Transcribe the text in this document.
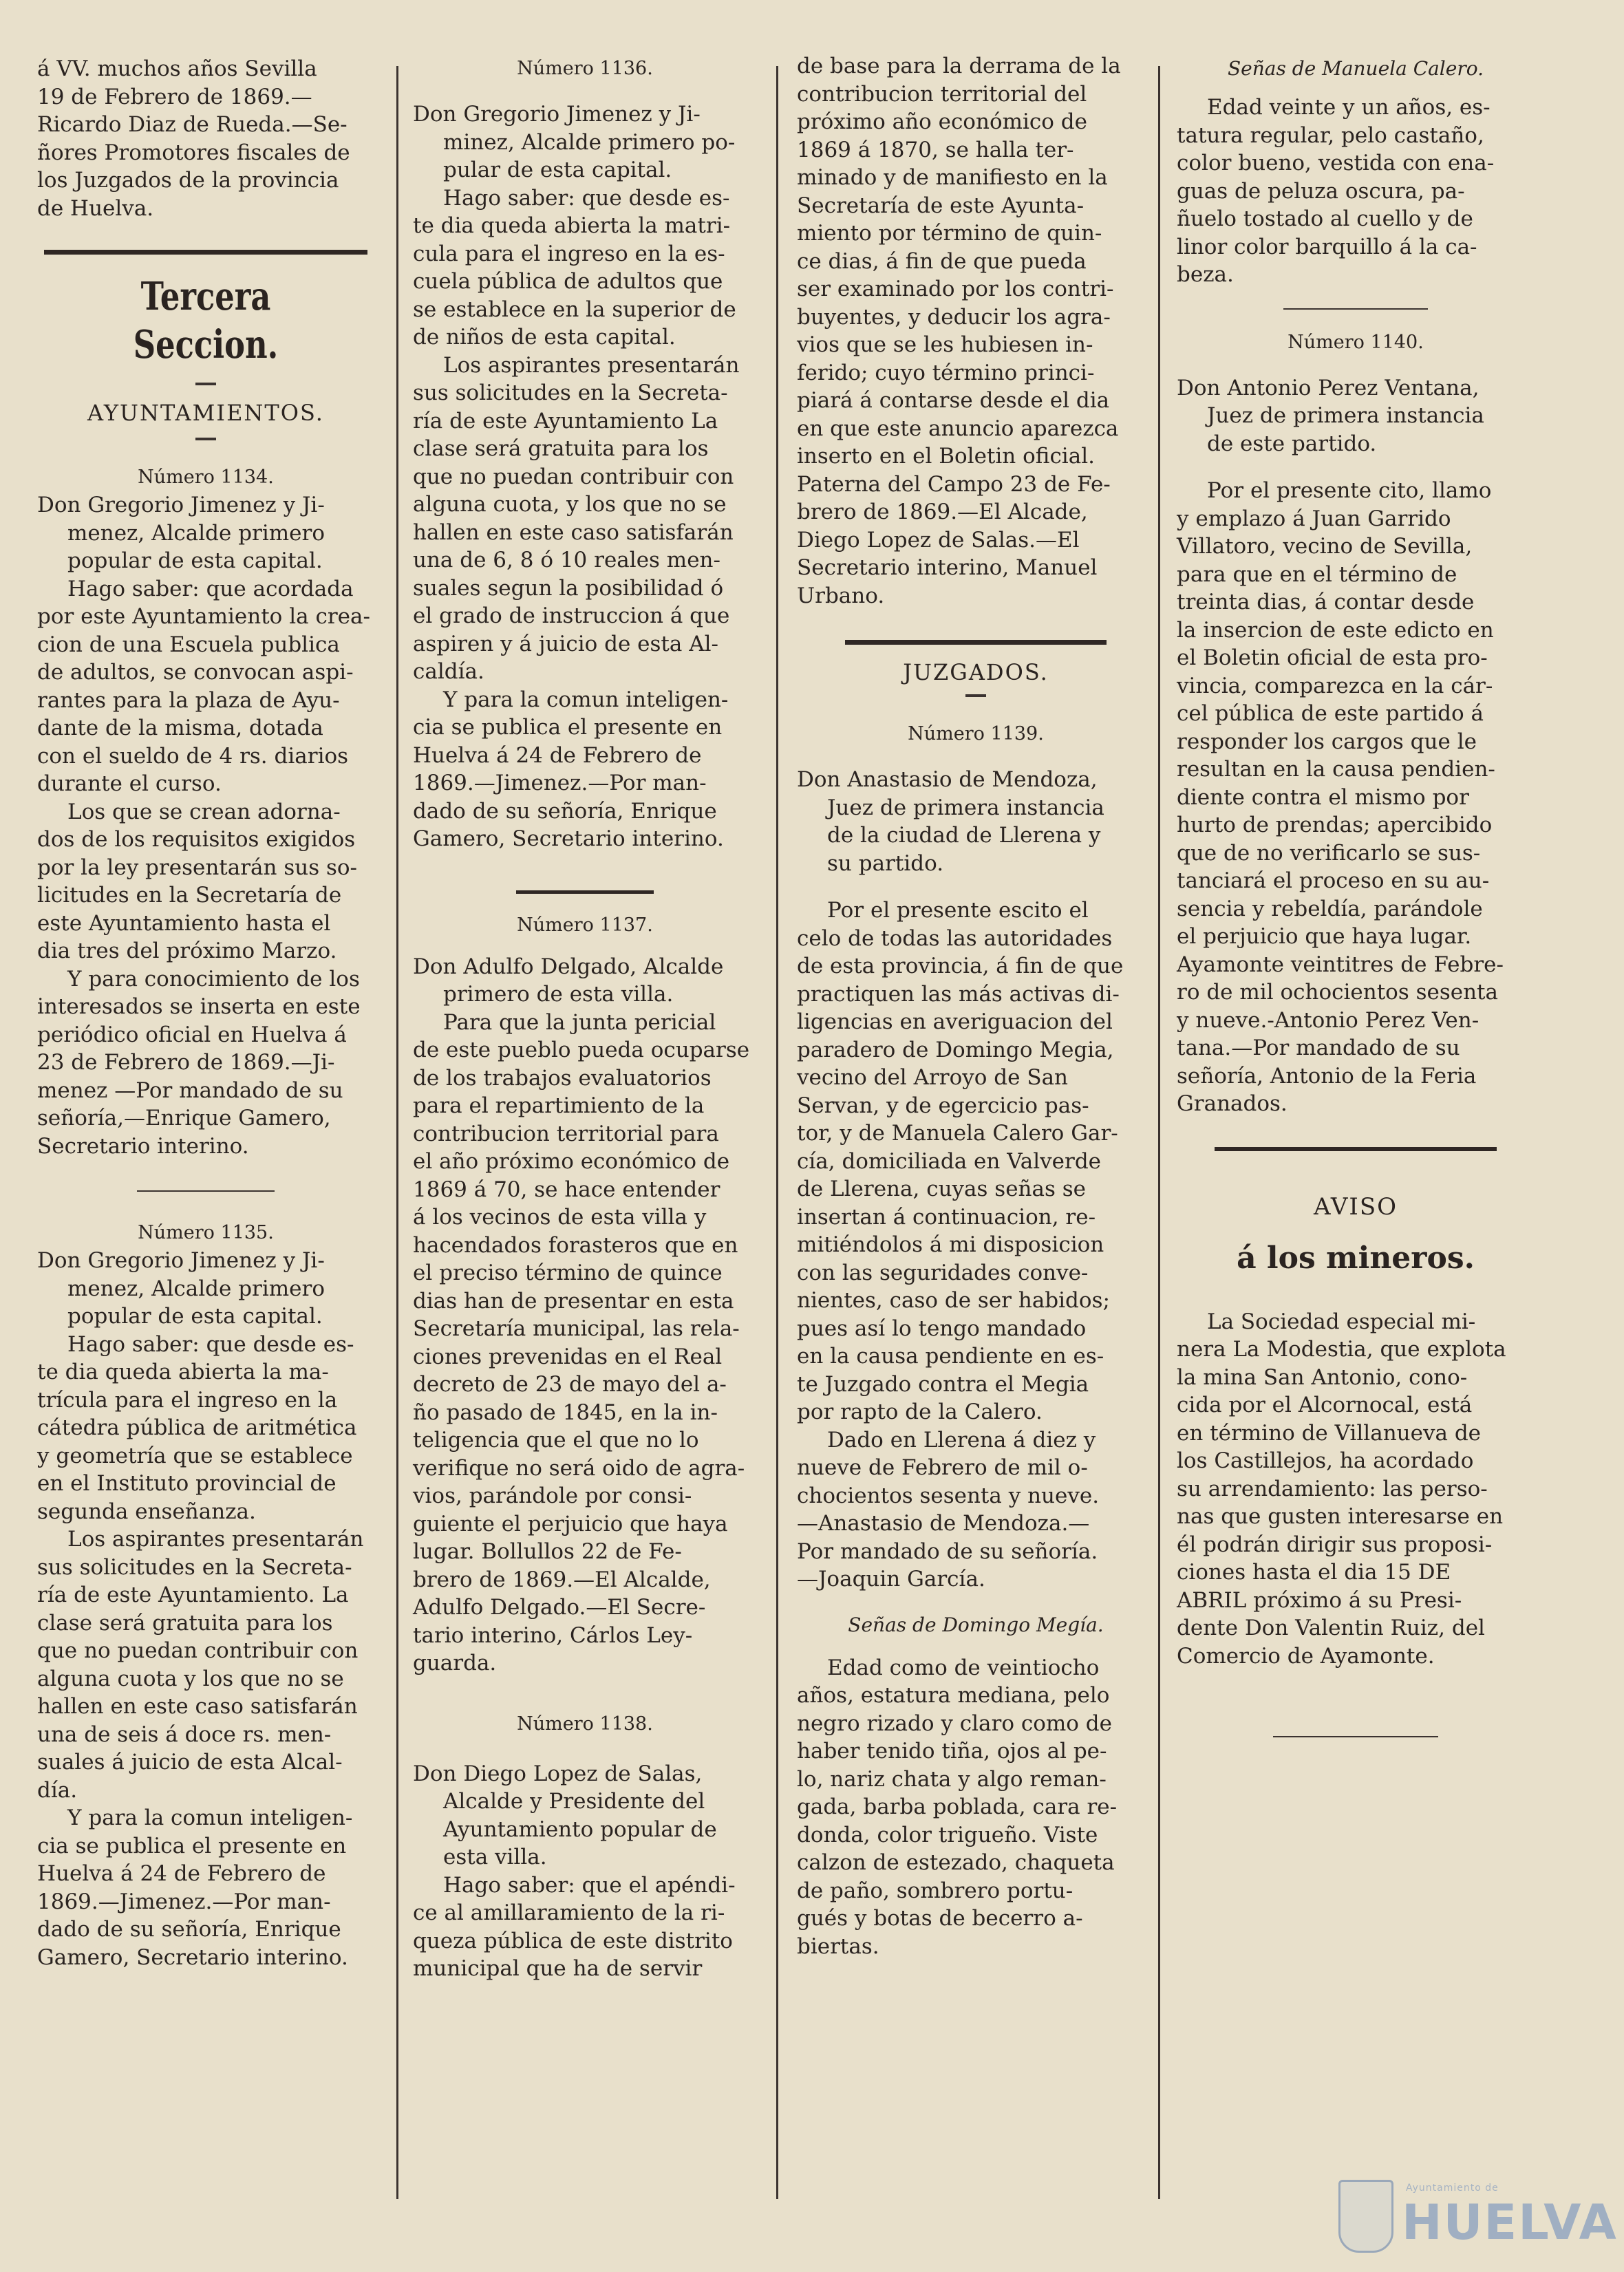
á VV. muchos años Sevilla

19 de Febrero de 1869.—

Ricardo Diaz de Rueda.—Se-

ñores Promotores fiscales de

los Juzgados de la provincia

de Huelva.

Tercera Seccion.

AYUNTAMIENTOS.

Número 1134.

Don Gregorio Jimenez y Ji-

menez, Alcalde primero

popular de esta capital.

Hago saber: que acordada

por este Ayuntamiento la crea-

cion de una Escuela publica

de adultos, se convocan aspi-

rantes para la plaza de Ayu-

dante de la misma, dotada

con el sueldo de 4 rs. diarios

durante el curso.

Los que se crean adorna-

dos de los requisitos exigidos

por la ley presentarán sus so-

licitudes en la Secretaría de

este Ayuntamiento hasta el

dia tres del próximo Marzo.

Y para conocimiento de los

interesados se inserta en este

periódico oficial en Huelva á

23 de Febrero de 1869.—Ji-

menez —Por mandado de su

señoría,—Enrique Gamero,

Secretario interino.

Número 1135.

Don Gregorio Jimenez y Ji-

menez, Alcalde primero

popular de esta capital.

Hago saber: que desde es-

te dia queda abierta la ma-

trícula para el ingreso en la

cátedra pública de aritmética

y geometría que se establece

en el Instituto provincial de

segunda enseñanza.

Los aspirantes presentarán

sus solicitudes en la Secreta-

ría de este Ayuntamiento. La

clase será gratuita para los

que no puedan contribuir con

alguna cuota y los que no se

hallen en este caso satisfarán

una de seis á doce rs. men-

suales á juicio de esta Alcal-

día.

Y para la comun inteligen-

cia se publica el presente en

Huelva á 24 de Febrero de

1869.—Jimenez.—Por man-

dado de su señoría, Enrique

Gamero, Secretario interino.

Número 1136.

Don Gregorio Jimenez y Ji-

minez, Alcalde primero po-

pular de esta capital.

Hago saber: que desde es-

te dia queda abierta la matri-

cula para el ingreso en la es-

cuela pública de adultos que

se establece en la superior de

de niños de esta capital.

Los aspirantes presentarán

sus solicitudes en la Secreta-

ría de este Ayuntamiento La

clase será gratuita para los

que no puedan contribuir con

alguna cuota, y los que no se

hallen en este caso satisfarán

una de 6, 8 ó 10 reales men-

suales segun la posibilidad ó

el grado de instruccion á que

aspiren y á juicio de esta Al-

caldía.

Y para la comun inteligen-

cia se publica el presente en

Huelva á 24 de Febrero de

1869.—Jimenez.—Por man-

dado de su señoría, Enrique

Gamero, Secretario interino.

Número 1137.

Don Adulfo Delgado, Alcalde

primero de esta villa.

Para que la junta pericial

de este pueblo pueda ocuparse

de los trabajos evaluatorios

para el repartimiento de la

contribucion territorial para

el año próximo económico de

1869 á 70, se hace entender

á los vecinos de esta villa y

hacendados forasteros que en

el preciso término de quince

dias han de presentar en esta

Secretaría municipal, las rela-

ciones prevenidas en el Real

decreto de 23 de mayo del a-

ño pasado de 1845, en la in-

teligencia que el que no lo

verifique no será oido de agra-

vios, parándole por consi-

guiente el perjuicio que haya

lugar. Bollullos 22 de Fe-

brero de 1869.—El Alcalde,

Adulfo Delgado.—El Secre-

tario interino, Cárlos Ley-

guarda.

Número 1138.

Don Diego Lopez de Salas,

Alcalde y Presidente del

Ayuntamiento popular de

esta villa.

Hago saber: que el apéndi-

ce al amillaramiento de la ri-

queza pública de este distrito

municipal que ha de servir

de base para la derrama de la

contribucion territorial del

próximo año económico de

1869 á 1870, se halla ter-

minado y de manifiesto en la

Secretaría de este Ayunta-

miento por término de quin-

ce dias, á fin de que pueda

ser examinado por los contri-

buyentes, y deducir los agra-

vios que se les hubiesen in-

ferido; cuyo término princi-

piará á contarse desde el dia

en que este anuncio aparezca

inserto en el Boletin oficial.

Paterna del Campo 23 de Fe-

brero de 1869.—El Alcade,

Diego Lopez de Salas.—El

Secretario interino, Manuel

Urbano.

JUZGADOS.

Número 1139.

Don Anastasio de Mendoza,

Juez de primera instancia

de la ciudad de Llerena y

su partido.

Por el presente escito el

celo de todas las autoridades

de esta provincia, á fin de que

practiquen las más activas di-

ligencias en averiguacion del

paradero de Domingo Megia,

vecino del Arroyo de San

Servan, y de egercicio pas-

tor, y de Manuela Calero Gar-

cía, domiciliada en Valverde

de Llerena, cuyas señas se

insertan á continuacion, re-

mitiéndolos á mi disposicion

con las seguridades conve-

nientes, caso de ser habidos;

pues así lo tengo mandado

en la causa pendiente en es-

te Juzgado contra el Megia

por rapto de la Calero.

Dado en Llerena á diez y

nueve de Febrero de mil o-

chocientos sesenta y nueve.

—Anastasio de Mendoza.—

Por mandado de su señoría.

—Joaquin García.

Señas de Domingo Megía.

Edad como de veintiocho

años, estatura mediana, pelo

negro rizado y claro como de

haber tenido tiña, ojos al pe-

lo, nariz chata y algo reman-

gada, barba poblada, cara re-

donda, color trigueño. Viste

calzon de estezado, chaqueta

de paño, sombrero portu-

gués y botas de becerro a-

biertas.

Señas de Manuela Calero.

Edad veinte y un años, es-

tatura regular, pelo castaño,

color bueno, vestida con ena-

guas de peluza oscura, pa-

ñuelo tostado al cuello y de

linor color barquillo á la ca-

beza.

Número 1140.

Don Antonio Perez Ventana,

Juez de primera instancia

de este partido.

Por el presente cito, llamo

y emplazo á Juan Garrido

Villatoro, vecino de Sevilla,

para que en el término de

treinta dias, á contar desde

la insercion de este edicto en

el Boletin oficial de esta pro-

vincia, comparezca en la cár-

cel pública de este partido á

responder los cargos que le

resultan en la causa pendien-

diente contra el mismo por

hurto de prendas; apercibido

que de no verificarlo se sus-

tanciará el proceso en su au-

sencia y rebeldía, parándole

el perjuicio que haya lugar.

Ayamonte veintitres de Febre-

ro de mil ochocientos sesenta

y nueve.-Antonio Perez Ven-

tana.—Por mandado de su

señoría, Antonio de la Feria

Granados.

AVISO

á los mineros.

La Sociedad especial mi-

nera La Modestia, que explota

la mina San Antonio, cono-

cida por el Alcornocal, está

en término de Villanueva de

los Castillejos, ha acordado

su arrendamiento: las perso-

nas que gusten interesarse en

él podrán dirigir sus proposi-

ciones hasta el dia 15 DE

ABRIL próximo á su Presi-

dente Don Valentin Ruiz, del

Comercio de Ayamonte.

Ayuntamiento de
HUELVA
